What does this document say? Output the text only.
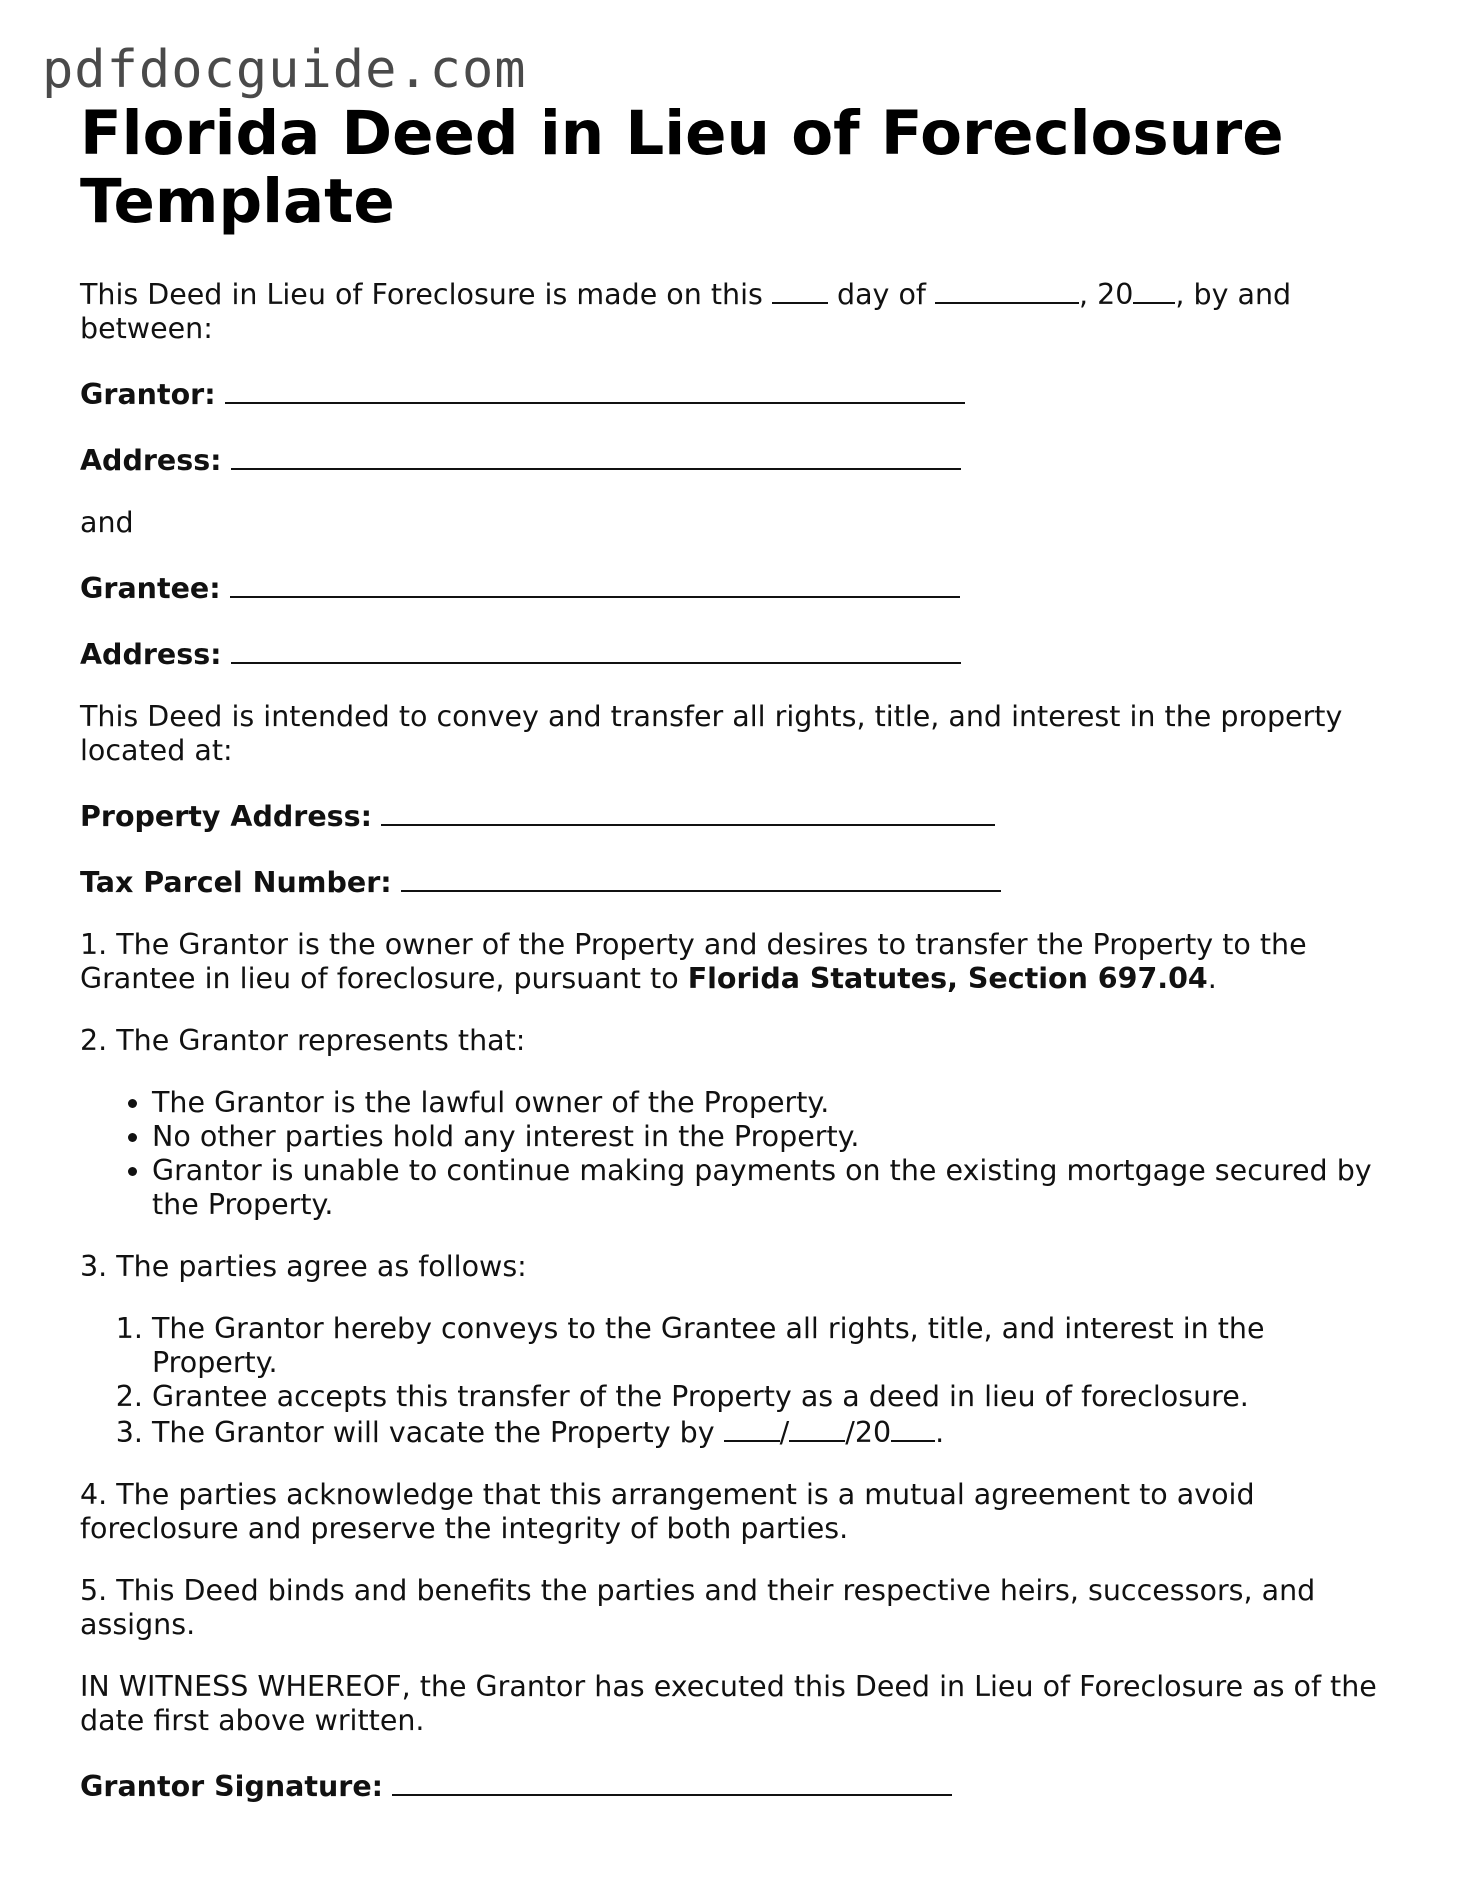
pdfdocguide.com
Florida Deed in Lieu of Foreclosure Template

This Deed in Lieu of Foreclosure is made on this	day of	, 20 , by and between:

Grantor:
Address:

and

Grantee:
Address:

This Deed is intended to convey and transfer all rights, title, and interest in the property located at:

Property Address:
Tax Parcel Number:

1. The Grantor is the owner of the Property and desires to transfer the Property to the Grantee in lieu of foreclosure, pursuant to Florida Statutes, Section 697.04.

2. The Grantor represents that:

• The Grantor is the lawful owner of the Property.
• No other parties hold any interest in the Property.
• Grantor is unable to continue making payments on the existing mortgage secured by the Property.

3. The parties agree as follows:

1. The Grantor hereby conveys to the Grantee all rights, title, and interest in the Property.
2. Grantee accepts this transfer of the Property as a deed in lieu of foreclosure.
3. The Grantor will vacate the Property by / /20 .

4. The parties acknowledge that this arrangement is a mutual agreement to avoid foreclosure and preserve the integrity of both parties.

5. This Deed binds and benefits the parties and their respective heirs, successors, and assigns.

IN WITNESS WHEREOF, the Grantor has executed this Deed in Lieu of Foreclosure as of the date first above written.

Grantor Signature:
